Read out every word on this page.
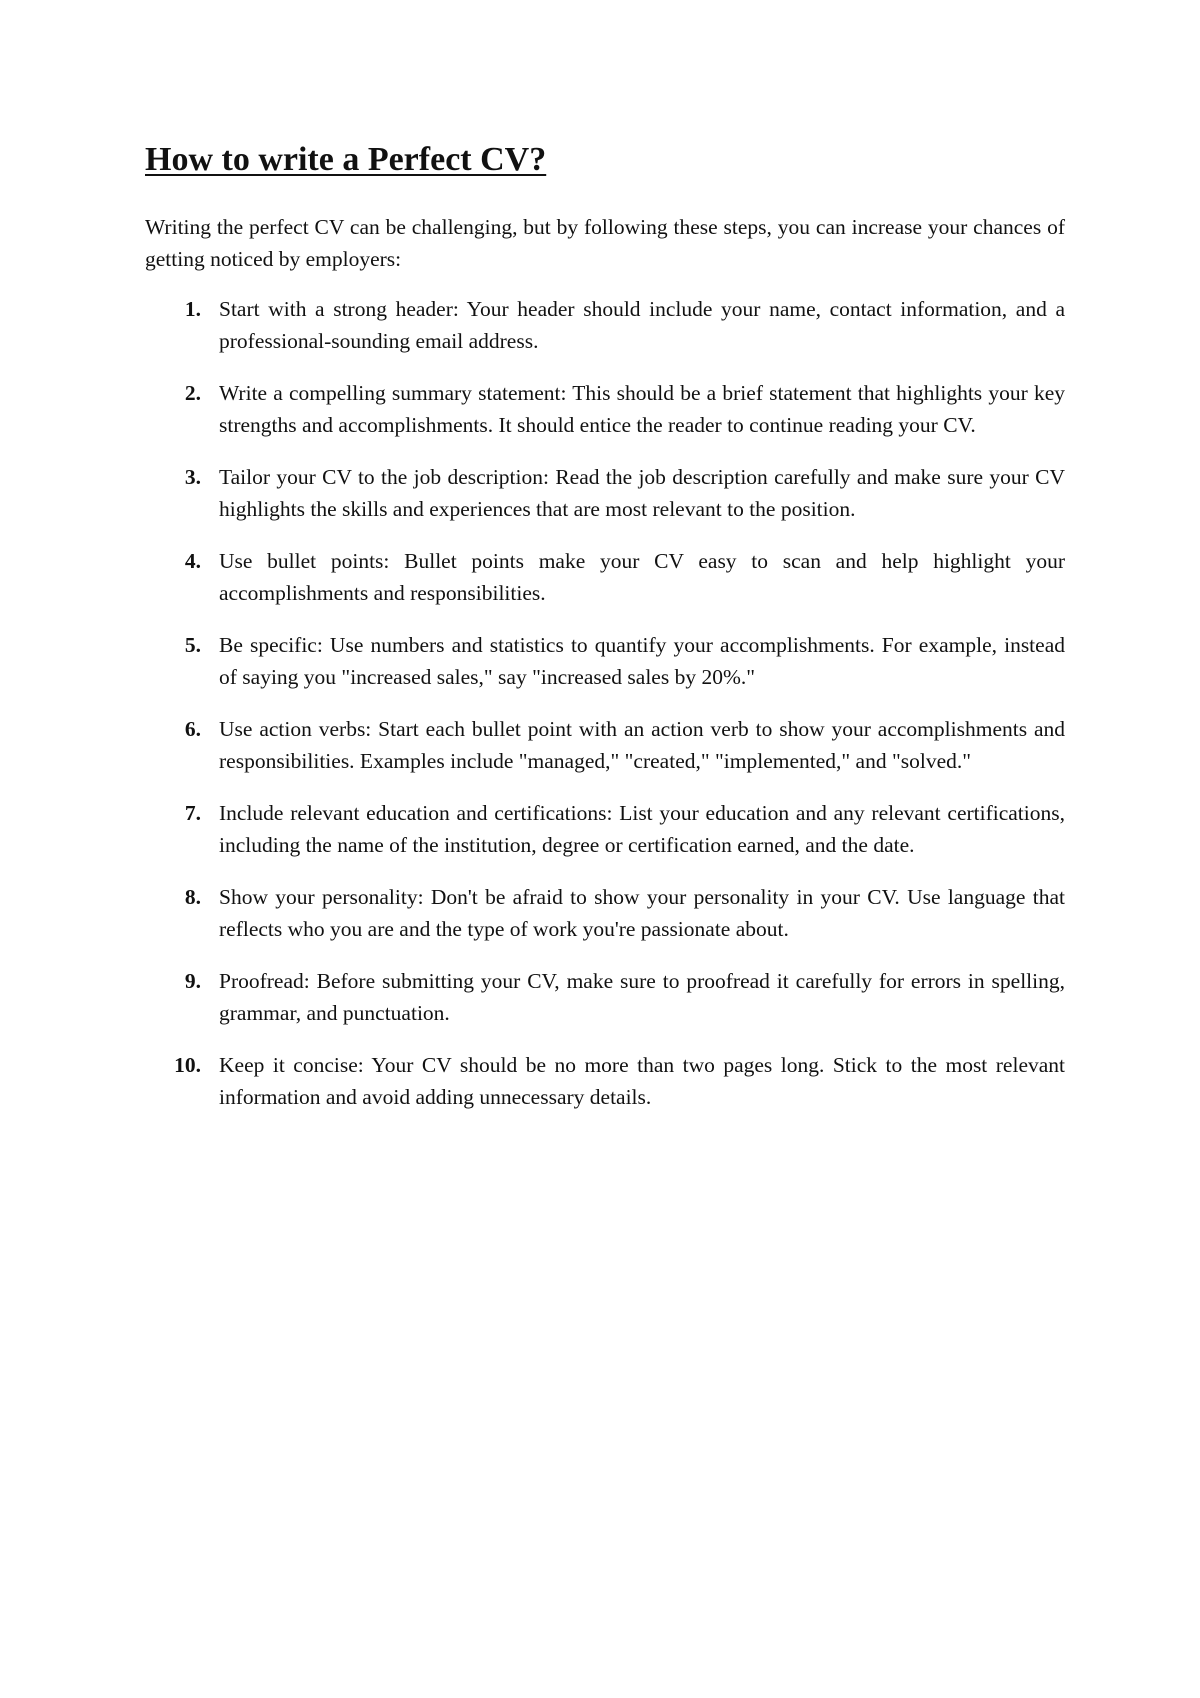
How to write a Perfect CV?

Writing the perfect CV can be challenging, but by following these steps, you can increase your chances of getting noticed by employers:

1. Start with a strong header: Your header should include your name, contact information, and a professional-sounding email address.
2. Write a compelling summary statement: This should be a brief statement that highlights your key strengths and accomplishments. It should entice the reader to continue reading your CV.
3. Tailor your CV to the job description: Read the job description carefully and make sure your CV highlights the skills and experiences that are most relevant to the position.
4. Use bullet points: Bullet points make your CV easy to scan and help highlight your accomplishments and responsibilities.
5. Be specific: Use numbers and statistics to quantify your accomplishments. For example, instead of saying you "increased sales," say "increased sales by 20%."
6. Use action verbs: Start each bullet point with an action verb to show your accomplishments and responsibilities. Examples include "managed," "created," "implemented," and "solved."
7. Include relevant education and certifications: List your education and any relevant certifications, including the name of the institution, degree or certification earned, and the date.
8. Show your personality: Don't be afraid to show your personality in your CV. Use language that reflects who you are and the type of work you're passionate about.
9. Proofread: Before submitting your CV, make sure to proofread it carefully for errors in spelling, grammar, and punctuation.
10. Keep it concise: Your CV should be no more than two pages long. Stick to the most relevant information and avoid adding unnecessary details.
